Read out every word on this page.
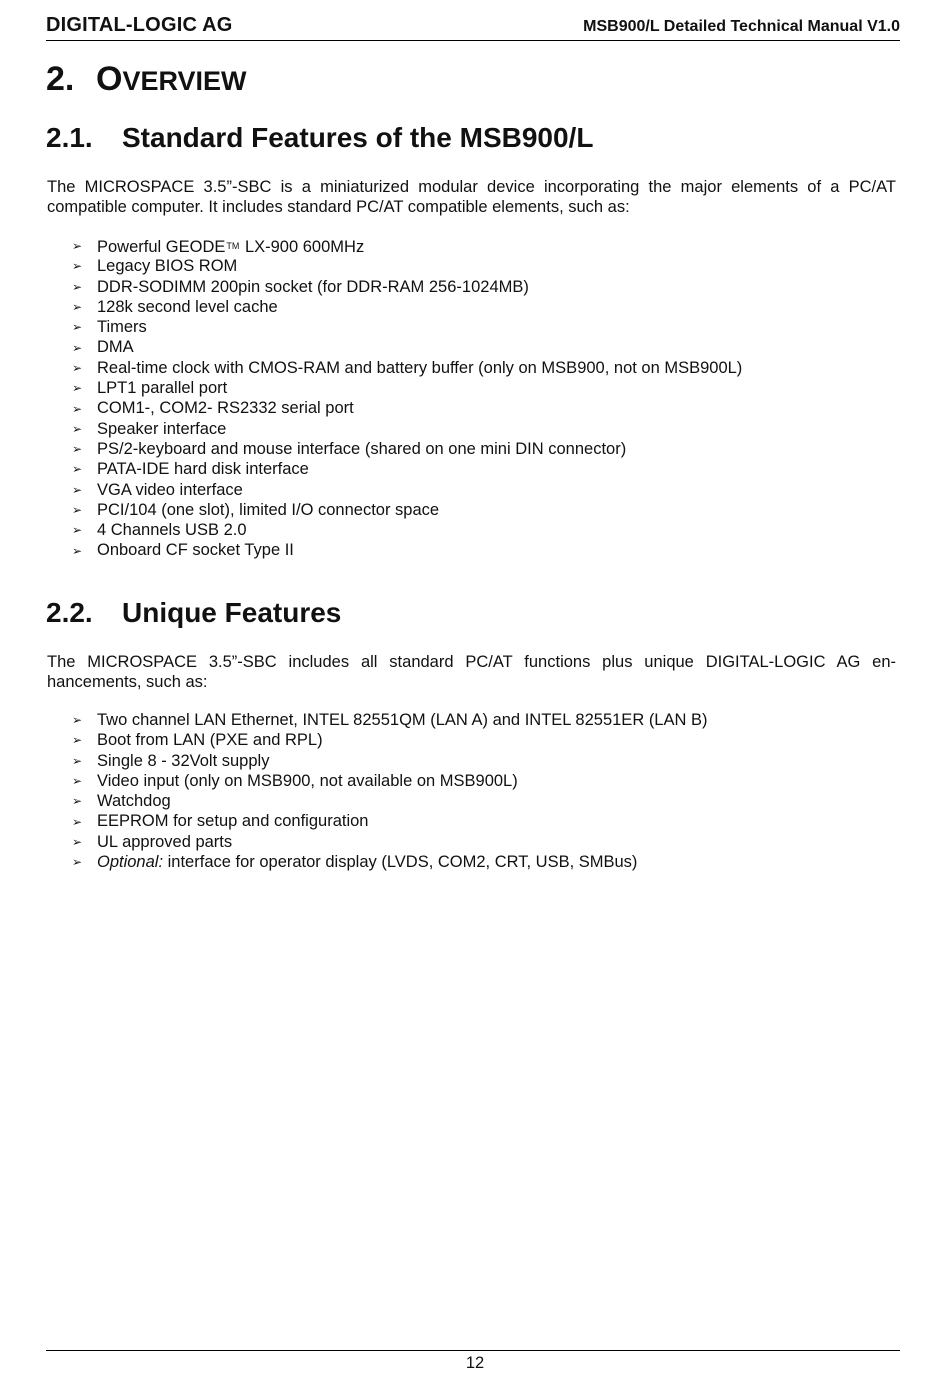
DIGITAL-LOGIC AG	MSB900/L Detailed Technical Manual V1.0
2. OVERVIEW
2.1. Standard Features of the MSB900/L
The MICROSPACE 3.5”-SBC is a miniaturized modular device incorporating the major elements of a PC/AT compatible computer. It includes standard PC/AT compatible elements, such as:
➢ Powerful GEODETM LX-900 600MHz
➢ Legacy BIOS ROM
➢ DDR-SODIMM 200pin socket (for DDR-RAM 256-1024MB)
➢ 128k second level cache
➢ Timers
➢ DMA
➢ Real-time clock with CMOS-RAM and battery buffer (only on MSB900, not on MSB900L)
➢ LPT1 parallel port
➢ COM1-, COM2- RS2332 serial port
➢ Speaker interface
➢ PS/2-keyboard and mouse interface (shared on one mini DIN connector)
➢ PATA-IDE hard disk interface
➢ VGA video interface
➢ PCI/104 (one slot), limited I/O connector space
➢ 4 Channels USB 2.0
➢ Onboard CF socket Type II
2.2. Unique Features
The MICROSPACE 3.5”-SBC includes all standard PC/AT functions plus unique DIGITAL-LOGIC AG en-hancements, such as:
➢ Two channel LAN Ethernet, INTEL 82551QM (LAN A) and INTEL 82551ER (LAN B)
➢ Boot from LAN (PXE and RPL)
➢ Single 8 - 32Volt supply
➢ Video input (only on MSB900, not available on MSB900L)
➢ Watchdog
➢ EEPROM for setup and configuration
➢ UL approved parts
➢ Optional: interface for operator display (LVDS, COM2, CRT, USB, SMBus)
12
